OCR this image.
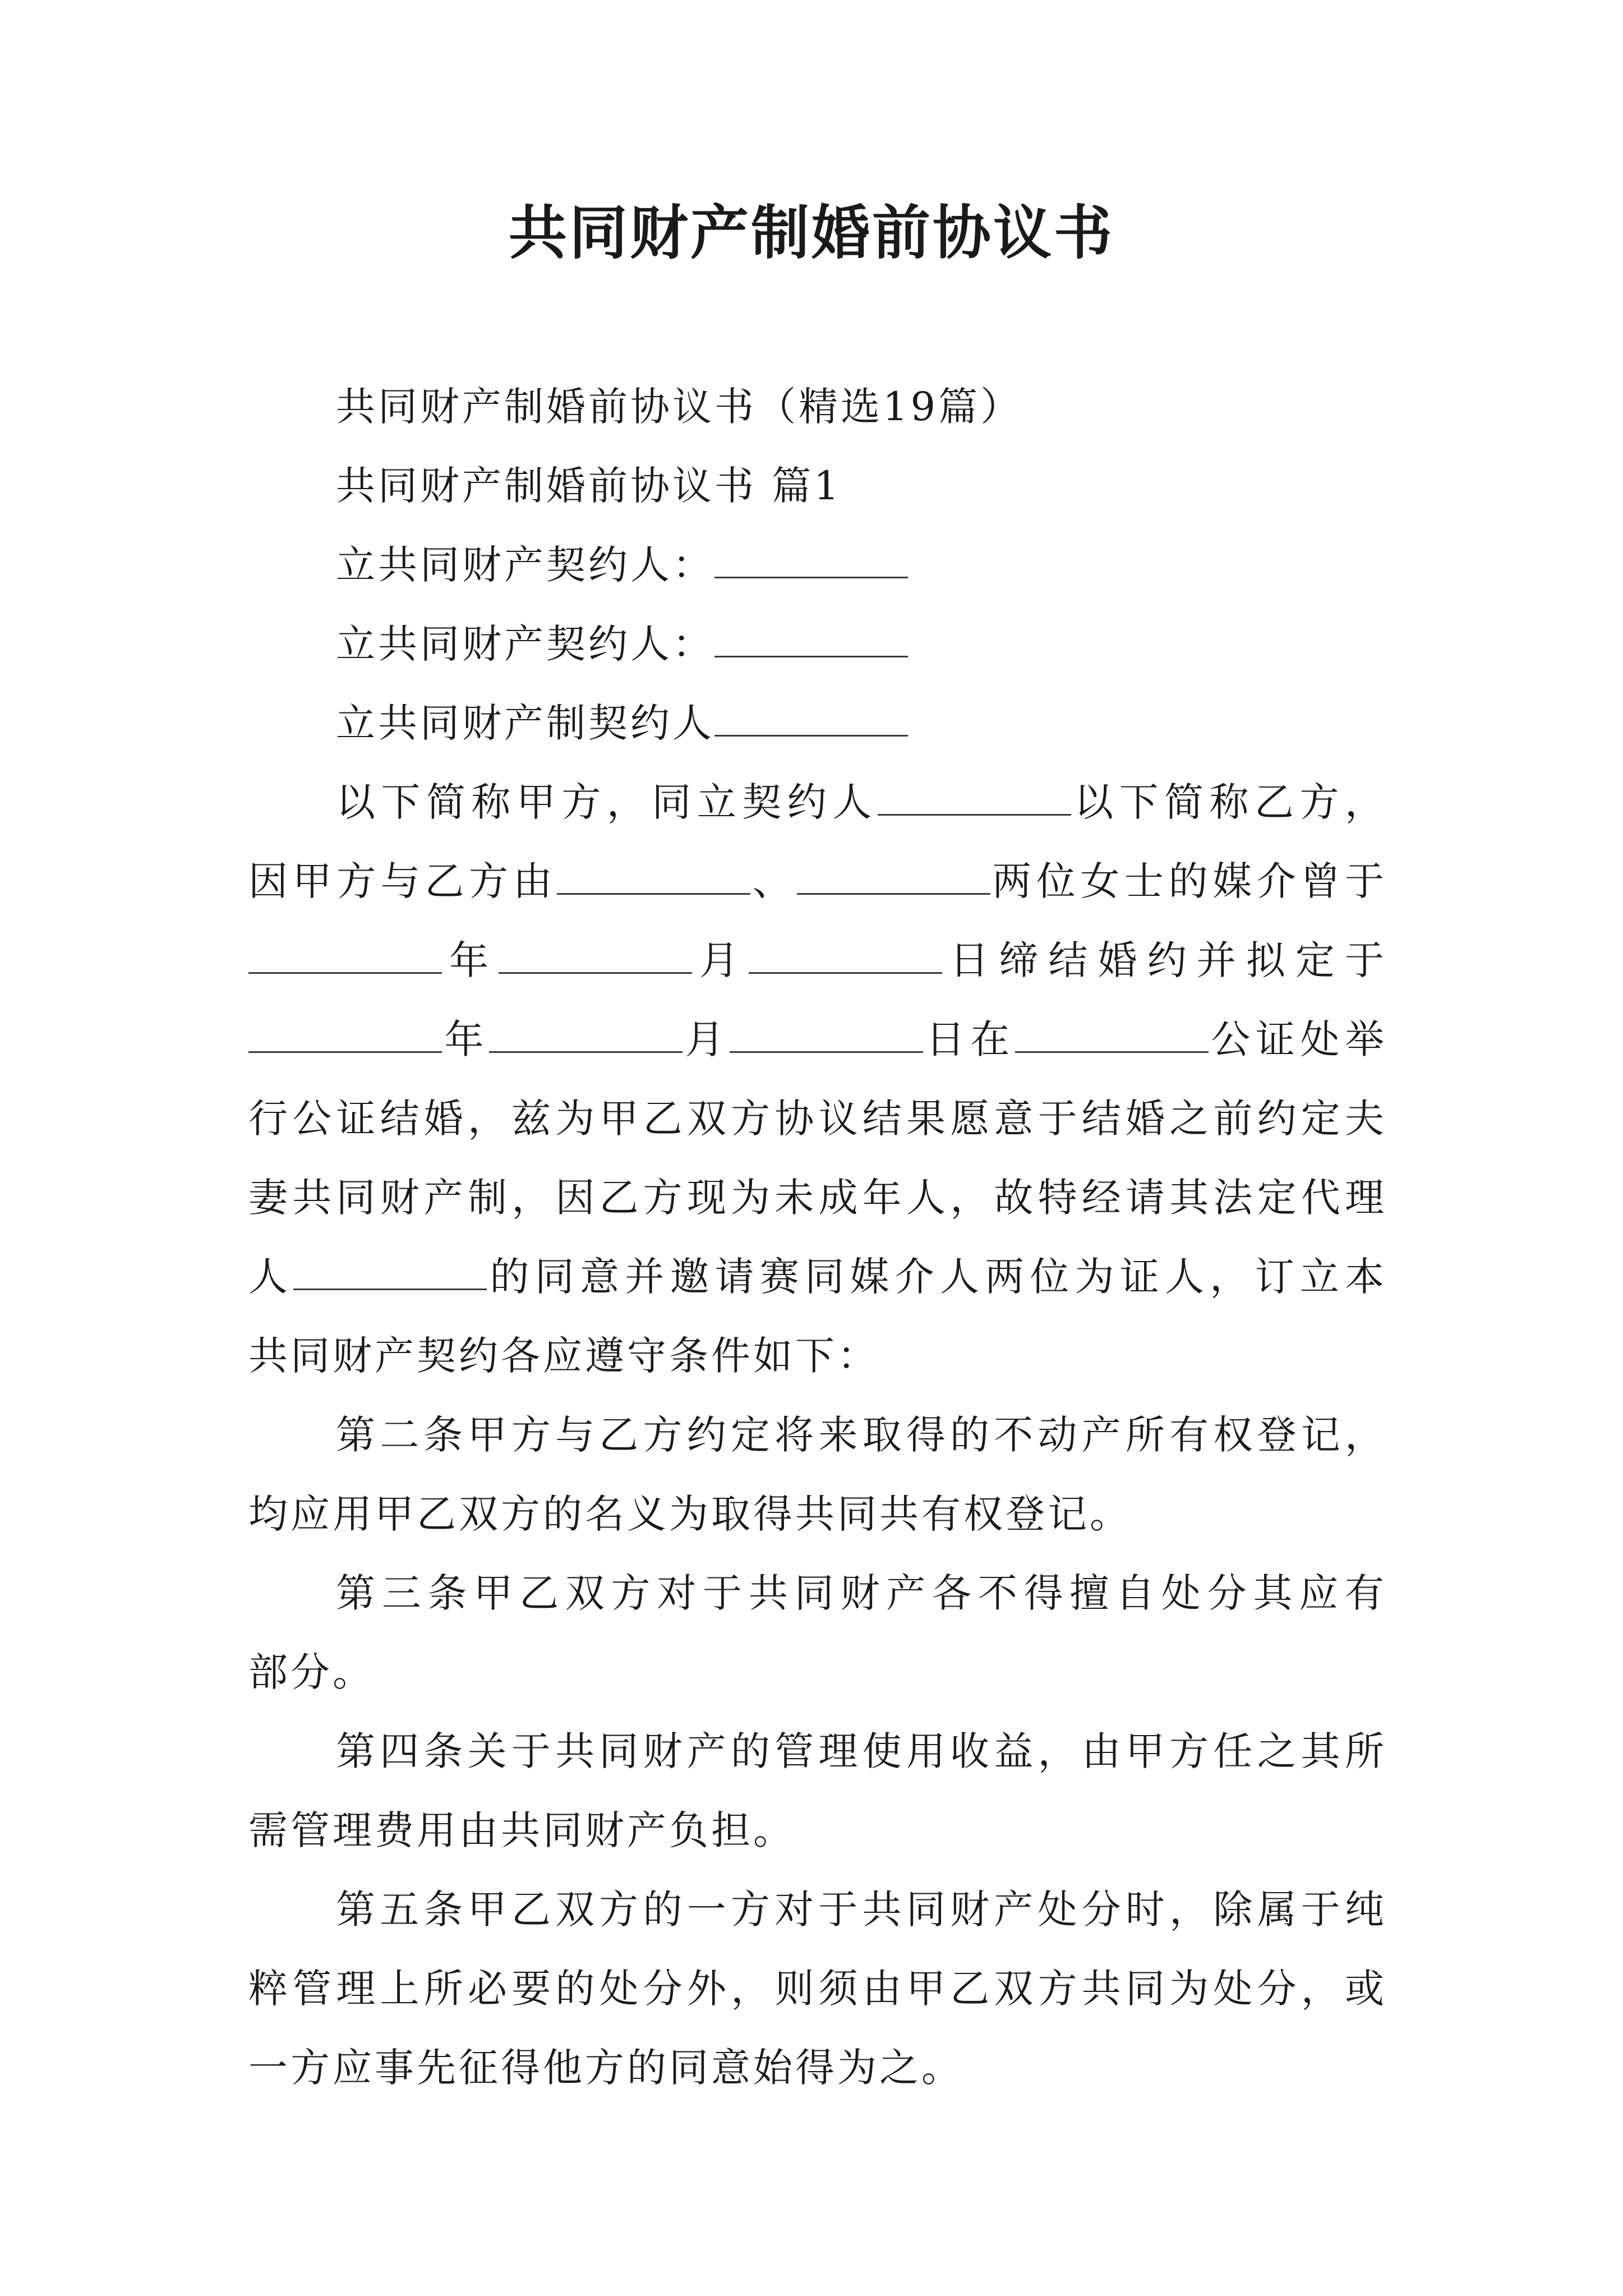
共同财产制婚前协议书
共同财产制婚前协议书（精选19篇）
共同财产制婚前协议书 篇1
立共同财产契约人：
立共同财产契约人：
立共同财产制契约人
以下简称甲方，同立契约人	以下简称乙方，
因甲方与乙方由	、	两位女士的媒介曾于
年	月	日缔结婚约并拟定于
年	月	日在	公证处举
行公证结婚，兹为甲乙双方协议结果愿意于结婚之前约定夫
妻共同财产制，因乙方现为未成年人，故特经请其法定代理
人	的同意并邀请赛同媒介人两位为证人，订立本
共同财产契约各应遵守条件如下：
第二条甲方与乙方约定将来取得的不动产所有权登记，
均应用甲乙双方的名义为取得共同共有权登记。
第三条甲乙双方对于共同财产各不得擅自处分其应有
部分。
第四条关于共同财产的管理使用收益，由甲方任之其所
需管理费用由共同财产负担。
第五条甲乙双方的一方对于共同财产处分时，除属于纯
粹管理上所必要的处分外，则须由甲乙双方共同为处分，或
一方应事先征得他方的同意始得为之。
